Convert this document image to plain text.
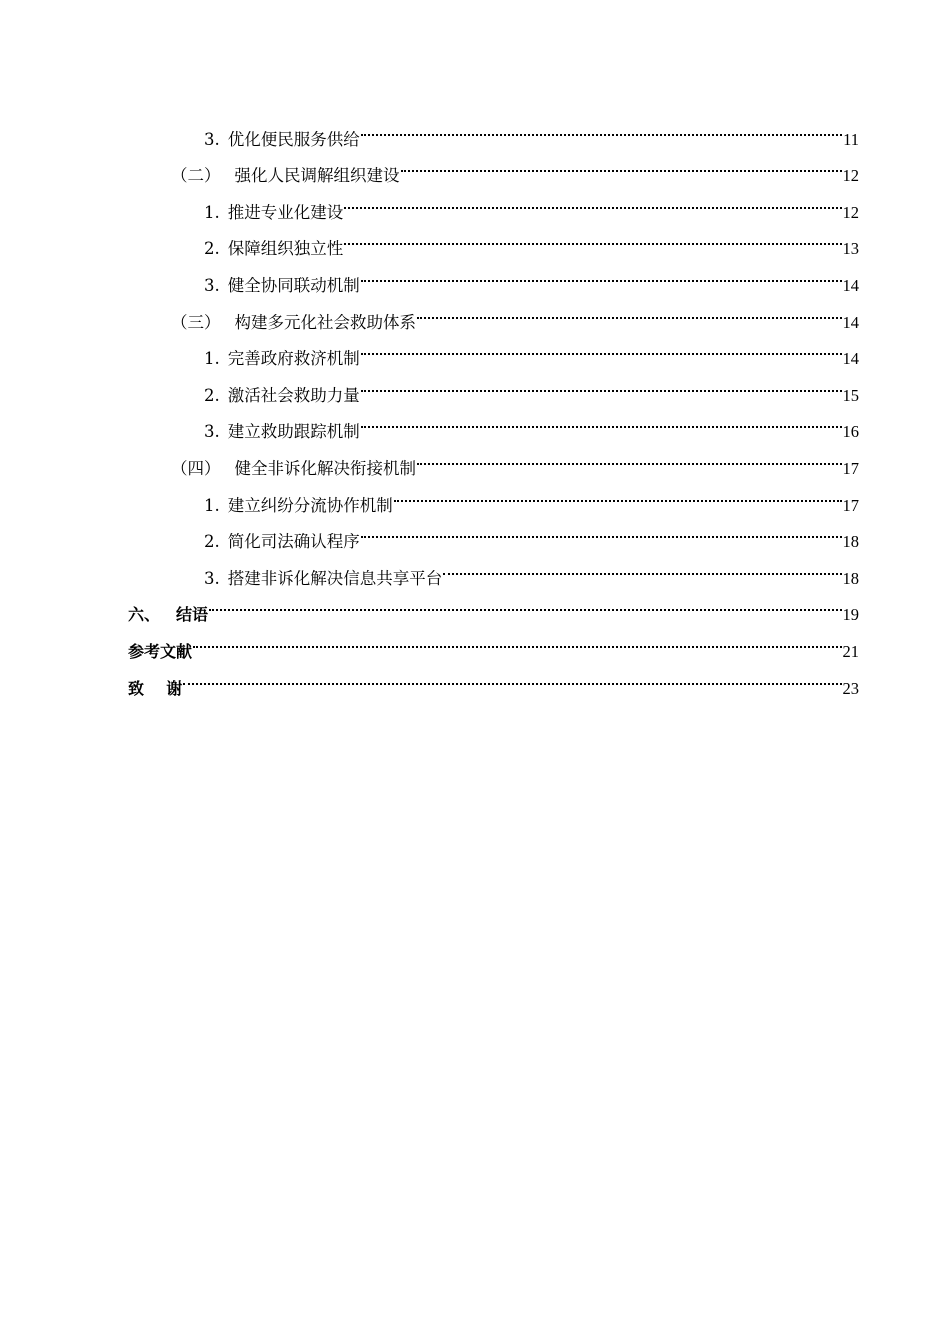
3. 优化便民服务供给	11
（二） 强化人民调解组织建设	12
1. 推进专业化建设	12
2. 保障组织独立性	13
3. 健全协同联动机制	14
（三） 构建多元化社会救助体系	14
1. 完善政府救济机制	14
2. 激活社会救助力量	15
3. 建立救助跟踪机制	16
（四） 健全非诉化解决衔接机制	17
1. 建立纠纷分流协作机制	17
2. 简化司法确认程序	18
3. 搭建非诉化解决信息共享平台	18
六、 结语	19
参考文献	21
致    谢	23
